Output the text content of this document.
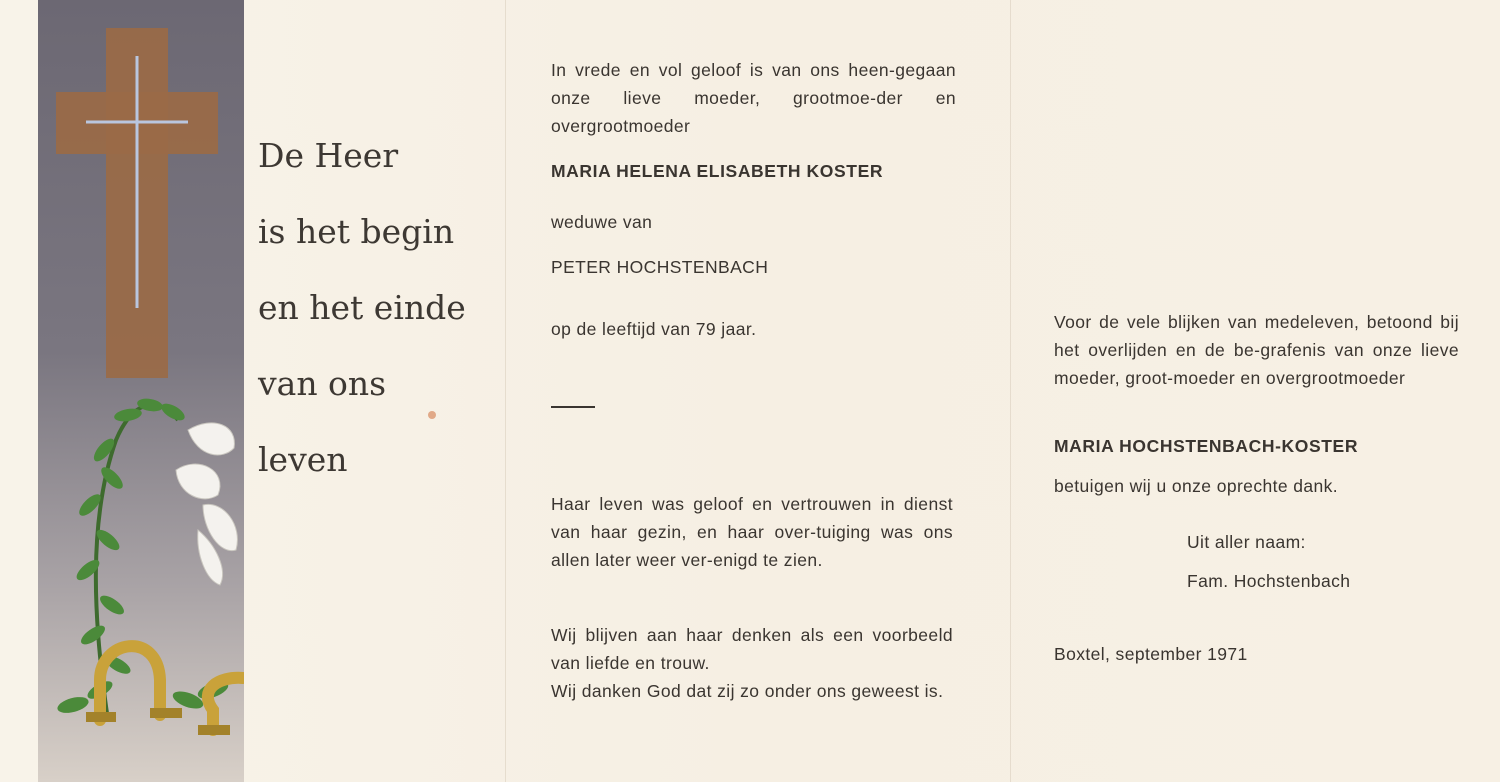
De Heer
is het begin
en het einde
van ons
leven
In vrede en vol geloof is van ons heen-gegaan onze lieve moeder, grootmoe-der en overgrootmoeder
MARIA HELENA ELISABETH KOSTER
weduwe van
PETER HOCHSTENBACH
op de leeftijd van 79 jaar.
Haar leven was geloof en vertrouwen in dienst van haar gezin, en haar over-tuiging was ons allen later weer ver-enigd te zien.
Wij blijven aan haar denken als een voorbeeld van liefde en trouw.
Wij danken God dat zij zo onder ons geweest is.
Voor de vele blijken van medeleven, betoond bij het overlijden en de be-grafenis van onze lieve moeder, groot-moeder en overgrootmoeder
MARIA HOCHSTENBACH-KOSTER
betuigen wij u onze oprechte dank.
Uit aller naam:
Fam. Hochstenbach
Boxtel, september 1971
